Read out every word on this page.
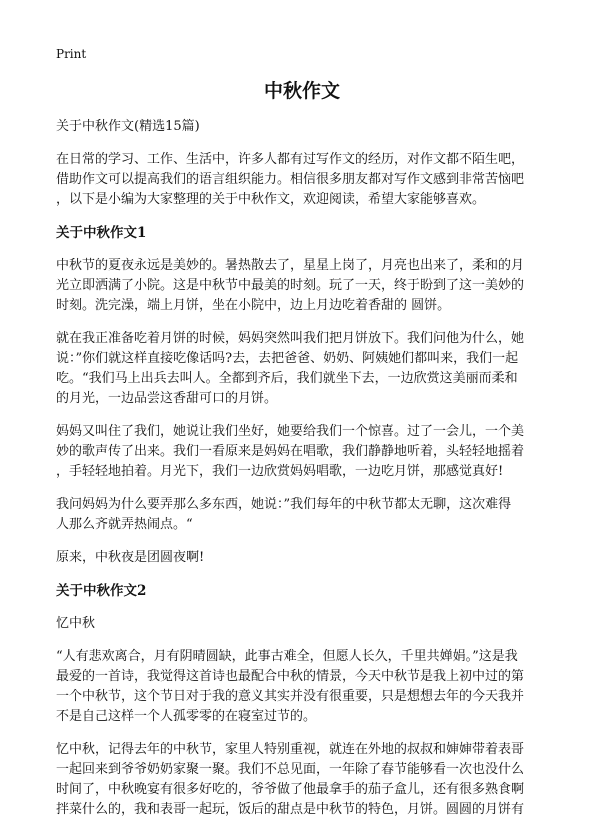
Print
中秋作文
关于中秋作文(精选15篇)
在日常的学习、工作、生活中，许多人都有过写作文的经历，对作文都不陌生吧，
借助作文可以提高我们的语言组织能力。相信很多朋友都对写作文感到非常苦恼吧
，以下是小编为大家整理的关于中秋作文，欢迎阅读，希望大家能够喜欢。
关于中秋作文1
中秋节的夏夜永远是美妙的。暑热散去了，星星上岗了，月亮也出来了，柔和的月
光立即洒满了小院。这是中秋节中最美的时刻。玩了一天，终于盼到了这一美妙的
时刻。洗完澡，端上月饼，坐在小院中，边上月边吃着香甜的 圆饼。
就在我正准备吃着月饼的时候，妈妈突然叫我们把月饼放下。我们问他为什么，她
说：”你们就这样直接吃像话吗?去，去把爸爸、奶奶、阿姨她们都叫来，我们一起
吃。“我们马上出兵去叫人。全都到齐后，我们就坐下去，一边欣赏这美丽而柔和
的月光，一边品尝这香甜可口的月饼。
妈妈又叫住了我们，她说让我们坐好，她要给我们一个惊喜。过了一会儿，一个美
妙的歌声传了出来。我们一看原来是妈妈在唱歌，我们静静地听着，头轻轻地摇着
，手轻轻地拍着。月光下，我们一边欣赏妈妈唱歌，一边吃月饼，那感觉真好!
我问妈妈为什么要弄那么多东西，她说：”我们每年的中秋节都太无聊，这次难得
人那么齐就弄热闹点。“
原来，中秋夜是团圆夜啊!
关于中秋作文2
忆中秋
“人有悲欢离合，月有阴晴圆缺，此事古难全，但愿人长久，千里共婵娟。”这是我
最爱的一首诗，我觉得这首诗也最配合中秋的情景，今天中秋节是我上初中过的第
一个中秋节，这个节日对于我的意义其实并没有很重要，只是想想去年的今天我并
不是自己这样一个人孤零零的在寝室过节的。
忆中秋，记得去年的中秋节，家里人特别重视，就连在外地的叔叔和婶婶带着表哥
一起回来到爷爷奶奶家聚一聚。我们不总见面，一年除了春节能够看一次也没什么
时间了，中秋晚宴有很多好吃的，爷爷做了他最拿手的茄子盒儿，还有很多熟食啊
拌菜什么的，我和表哥一起玩，饭后的甜点是中秋节的特色，月饼。圆圆的月饼有
